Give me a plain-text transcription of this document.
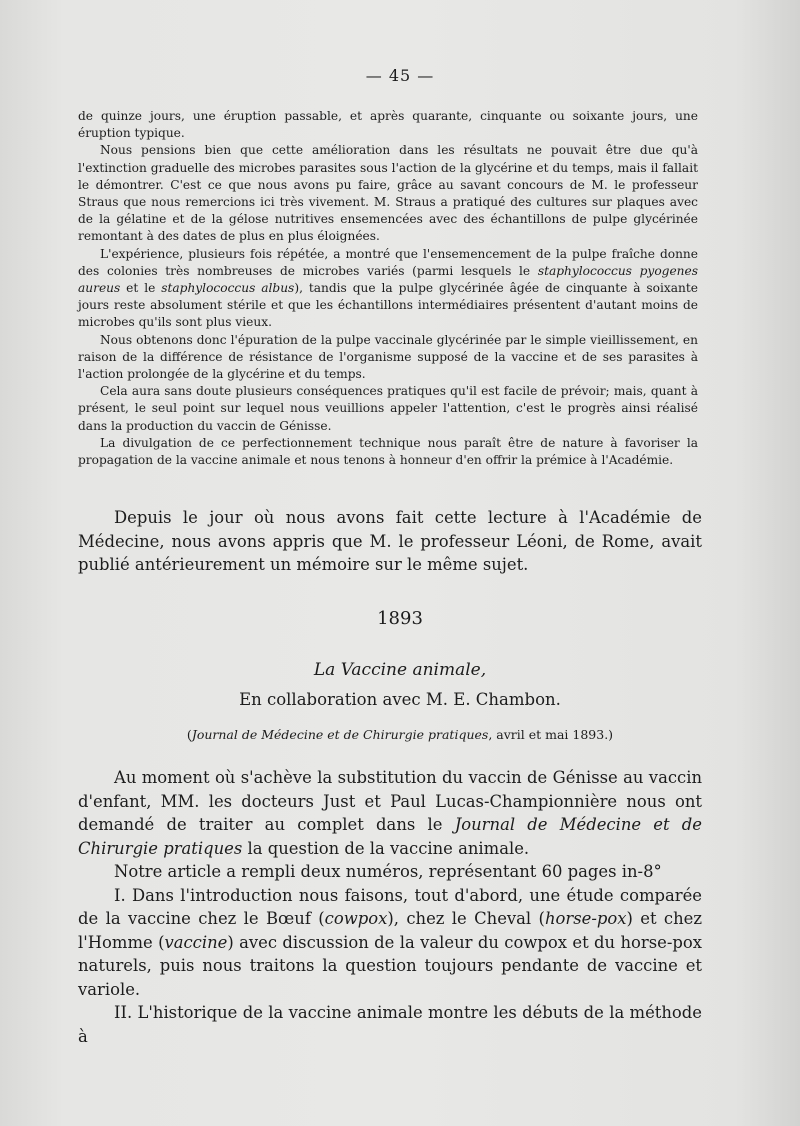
— 45 —

de quinze jours, une éruption passable, et après quarante, cinquante ou soixante jours, une éruption typique.

Nous pensions bien que cette amélioration dans les résultats ne pouvait être due qu'à l'extinction graduelle des microbes parasites sous l'action de la glycérine et du temps, mais il fallait le démontrer. C'est ce que nous avons pu faire, grâce au savant concours de M. le professeur Straus que nous remercions ici très vivement. M. Straus a pratiqué des cultures sur plaques avec de la gélatine et de la gélose nutritives ensemencées avec des échantillons de pulpe glycérinée remontant à des dates de plus en plus éloignées.

L'expérience, plusieurs fois répétée, a montré que l'ensemencement de la pulpe fraîche donne des colonies très nombreuses de microbes variés (parmi lesquels le staphylococcus pyogenes aureus et le staphylococcus albus), tandis que la pulpe glycérinée âgée de cinquante à soixante jours reste absolument stérile et que les échantillons intermédiaires présentent d'autant moins de microbes qu'ils sont plus vieux.

Nous obtenons donc l'épuration de la pulpe vaccinale glycérinée par le simple vieillissement, en raison de la différence de résistance de l'organisme supposé de la vaccine et de ses parasites à l'action prolongée de la glycérine et du temps.

Cela aura sans doute plusieurs conséquences pratiques qu'il est facile de prévoir; mais, quant à présent, le seul point sur lequel nous veuillions appeler l'attention, c'est le progrès ainsi réalisé dans la production du vaccin de Génisse.

La divulgation de ce perfectionnement technique nous paraît être de nature à favoriser la propagation de la vaccine animale et nous tenons à honneur d'en offrir la prémice à l'Académie.

Depuis le jour où nous avons fait cette lecture à l'Académie de Médecine, nous avons appris que M. le professeur Léoni, de Rome, avait publié antérieurement un mémoire sur le même sujet.

1893
La Vaccine animale,
En collaboration avec M. E. Chambon.
(Journal de Médecine et de Chirurgie pratiques, avril et mai 1893.)

Au moment où s'achève la substitution du vaccin de Génisse au vaccin d'enfant, MM. les docteurs Just et Paul Lucas-Championnière nous ont demandé de traiter au complet dans le Journal de Médecine et de Chirurgie pratiques la question de la vaccine animale.

Notre article a rempli deux numéros, représentant 60 pages in-8°

I. Dans l'introduction nous faisons, tout d'abord, une étude comparée de la vaccine chez le Bœuf (cowpox), chez le Cheval (horse-pox) et chez l'Homme (vaccine) avec discussion de la valeur du cowpox et du horse-pox naturels, puis nous traitons la question toujours pendante de vaccine et variole.

II. L'historique de la vaccine animale montre les débuts de la méthode à
